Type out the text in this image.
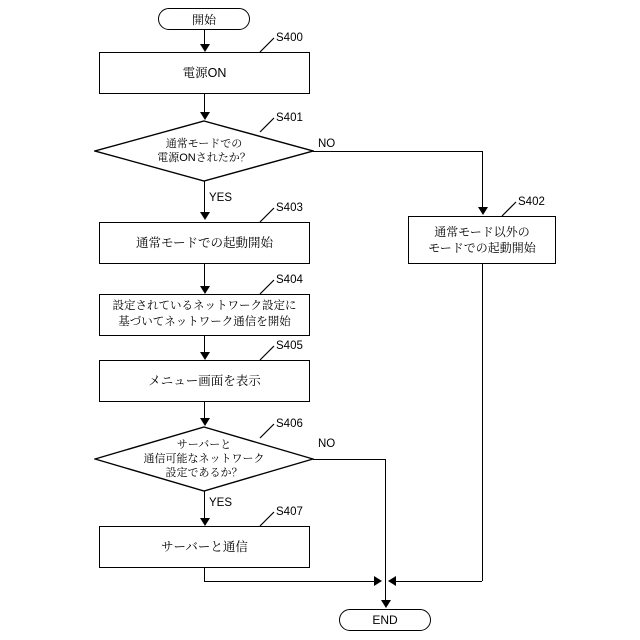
開始
電源ON
S400
通常モードでの
電源ONされたか？
S401
NO
YES
通常モード以外の
モードでの起動開始
S402
通常モードでの起動開始
S403
設定されているネットワーク設定に
基づいてネットワーク通信を開始
S404
メニュー画面を表示
S405
サーバーと
通信可能なネットワーク
設定であるか？
S406
NO
YES
サーバーと通信
S407
END
